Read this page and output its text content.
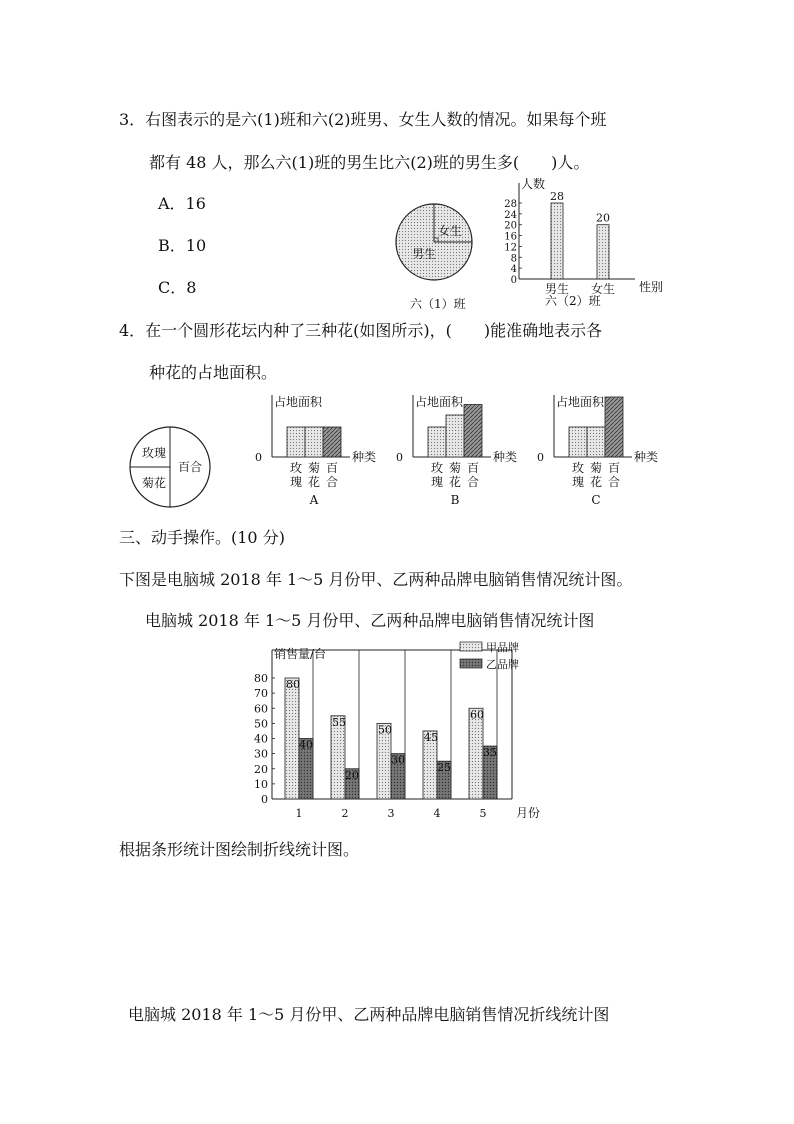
3．右图表示的是六(1)班和六(2)班男、女生人数的情况。如果每个班
都有 48 人，那么六(1)班的男生比六(2)班的男生多(　　)人。
A．16
B．10
C．8
女生
男生
六（1）班
人数
性别
0
4
8
12
16
20
24
28
28
男生
20
女生
六（2）班
4．在一个圆形花坛内种了三种花(如图所示)，(　　)能准确地表示各
种花的占地面积。
玫瑰
菊花
百合
占地面积
种类
0
玫
瑰
菊
花
百
合
A
占地面积
种类
0
玫
瑰
菊
花
百
合
B
占地面积
种类
0
玫
瑰
菊
花
百
合
C
三、动手操作。(10 分)
下图是电脑城 2018 年 1～5 月份甲、乙两种品牌电脑销售情况统计图。
电脑城 2018 年 1～5 月份甲、乙两种品牌电脑销售情况统计图
销售量/台
月份
甲品牌
乙品牌
0
10
20
30
40
50
60
70
80 80
40
1
55
20
2
50
30
3
45
25
4
60
35
5
根据条形统计图绘制折线统计图。
电脑城 2018 年 1～5 月份甲、乙两种品牌电脑销售情况折线统计图
